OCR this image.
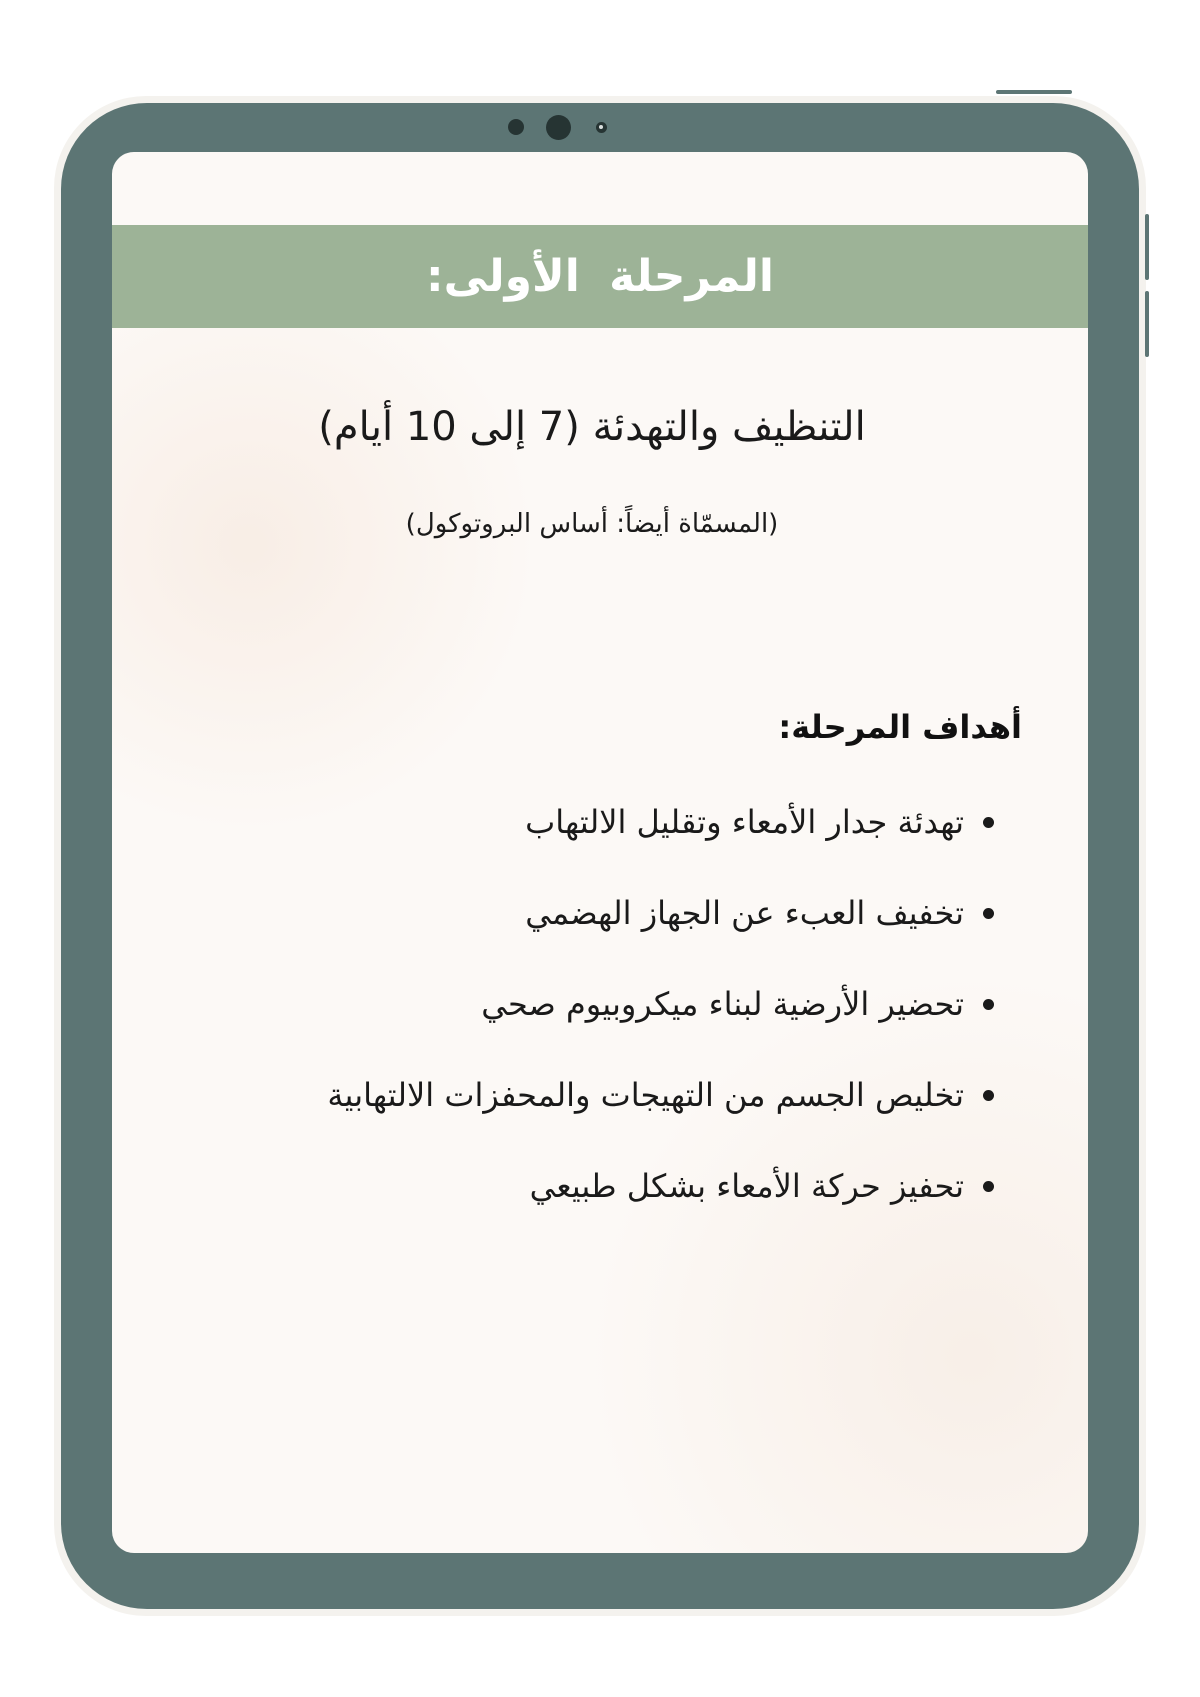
المرحلة الأولى:
التنظيف والتهدئة (7 إلى 10 أيام)
(المسمّاة أيضاً: أساس البروتوكول)
أهداف المرحلة:
تهدئة جدار الأمعاء وتقليل الالتهاب
تخفيف العبء عن الجهاز الهضمي
تحضير الأرضية لبناء ميكروبيوم صحي
تخليص الجسم من التهيجات والمحفزات الالتهابية
تحفيز حركة الأمعاء بشكل طبيعي
